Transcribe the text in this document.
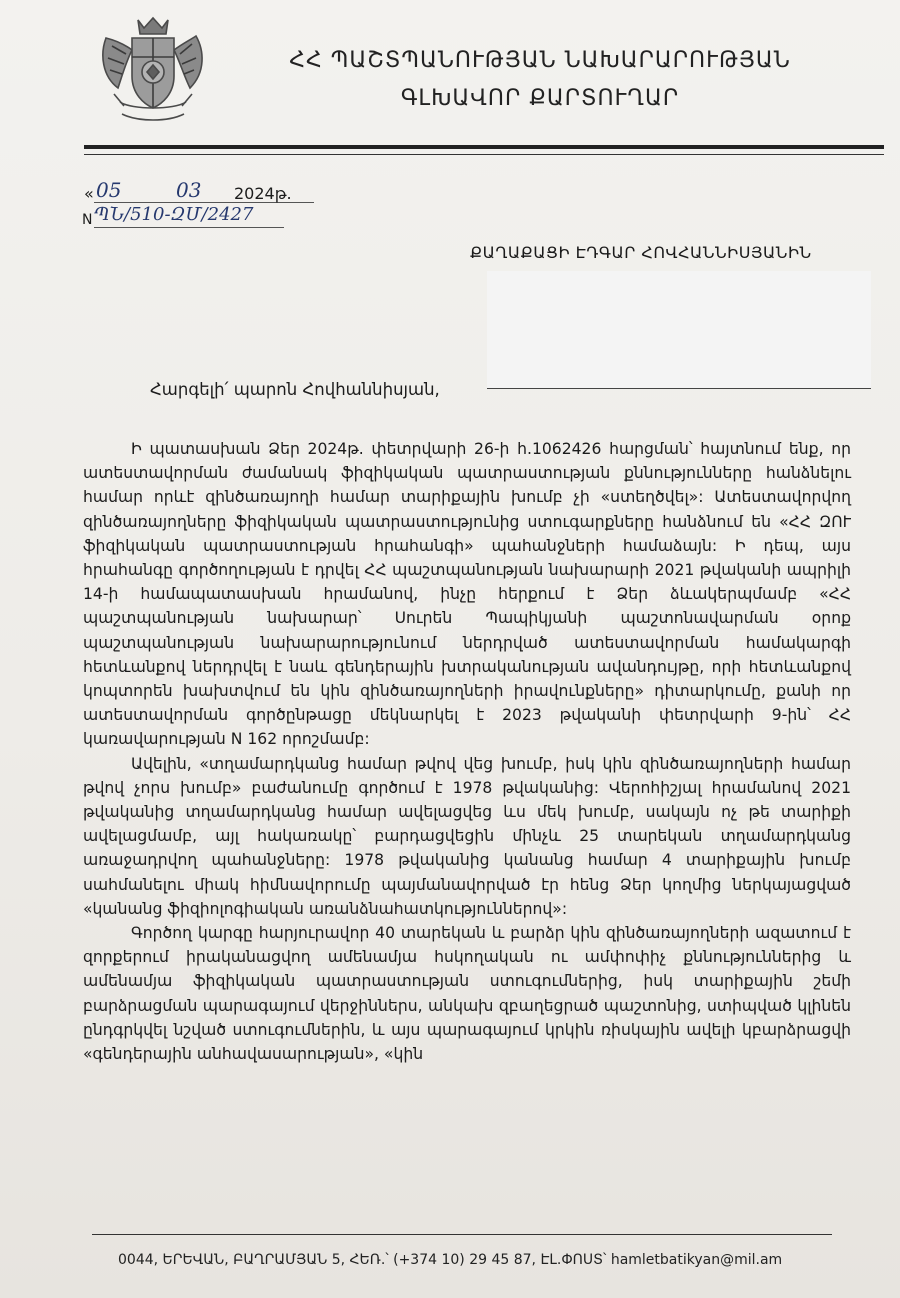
ՀՀ ՊԱՇՏՊԱՆՈՒԹՅԱՆ ՆԱԽԱՐԱՐՈՒԹՅԱՆ
ԳԼԽԱՎՈՐ ՔԱՐՏՈՒՂԱՐ
« 05	03 2024թ.
N ՊՆ/510-ԶՄ/2427
ՔԱՂԱՔԱՑԻ ԷԴԳԱՐ ՀՈՎՀԱՆՆԻՍՅԱՆԻՆ
Հարգելի՛ պարոն Հովհաննիսյան,

Ի պատասխան Ձեր 2024թ. փետրվարի 26-ի հ.1062426 հարցման՝ հայտնում ենք, որ ատեստավորման ժամանակ ֆիզիկական պատրաստության քննությունները հանձնելու համար որևէ զինծառայողի համար տարիքային խումբ չի «ստեղծվել»: Ատեստավորվող զինծառայողները ֆիզիկական պատրաստությունից ստուգարքները հանձնում են «ՀՀ ԶՈՒ ֆիզիկական պատրաստության հրահանգի» պահանջների համաձայն: Ի դեպ, այս հրահանգը գործողության է դրվել ՀՀ պաշտպանության նախարարի 2021 թվականի ապրիլի 14-ի համապատասխան հրամանով, ինչը հերքում է Ձեր ձևակերպմամբ «ՀՀ պաշտպանության նախարար՝ Սուրեն Պապիկյանի պաշտոնավարման օրոք պաշտպանության նախարարությունում ներդրված ատեստավորման համակարգի հետևանքով ներդրվել է նաև գենդերային խտրականության ավանդույթը, որի հետևանքով կոպտորեն խախտվում են կին զինծառայողների իրավունքները» դիտարկումը, քանի որ ատեստավորման գործընթացը մեկնարկել է 2023 թվականի փետրվարի 9-ին՝ ՀՀ կառավարության N 162 որոշմամբ:

Ավելին, «տղամարդկանց համար թվով վեց խումբ, իսկ կին զինծառայողների համար թվով չորս խումբ» բաժանումը գործում է 1978 թվականից: Վերոհիշյալ հրամանով 2021 թվականից տղամարդկանց համար ավելացվեց ևս մեկ խումբ, սակայն ոչ թե տարիքի ավելացմամբ, այլ հակառակը՝ բարդացվեցին մինչև 25 տարեկան տղամարդկանց առաջադրվող պահանջները: 1978 թվականից կանանց համար 4 տարիքային խումբ սահմանելու միակ հիմնավորումը պայմանավորված էր հենց Ձեր կողմից ներկայացված «կանանց ֆիզիոլոգիական առանձնահատկություններով»:

Գործող կարգը հարյուրավոր 40 տարեկան և բարձր կին զինծառայողների ազատում է զորքերում իրականացվող ամենամյա հսկողական ու ամփոփիչ քննություններից և ամենամյա ֆիզիկական պատրաստության ստուգումներից, իսկ տարիքային շեմի բարձրացման պարագայում վերջիններս, անկախ զբաղեցրած պաշտոնից, ստիպված կլինեն ընդգրկվել նշված ստուգումներին, և այս պարագայում կրկին ռիսկային ավելի կբարձրացվի «գենդերային անհավասարության», «կին

0044, ԵՐԵՎԱՆ, ԲԱՂՐԱՄՅԱՆ 5, ՀԵՌ.՝ (+374 10) 29 45 87, ԷԼ.ՓՈՍՏ՝ hamletbatikyan@mil.am
